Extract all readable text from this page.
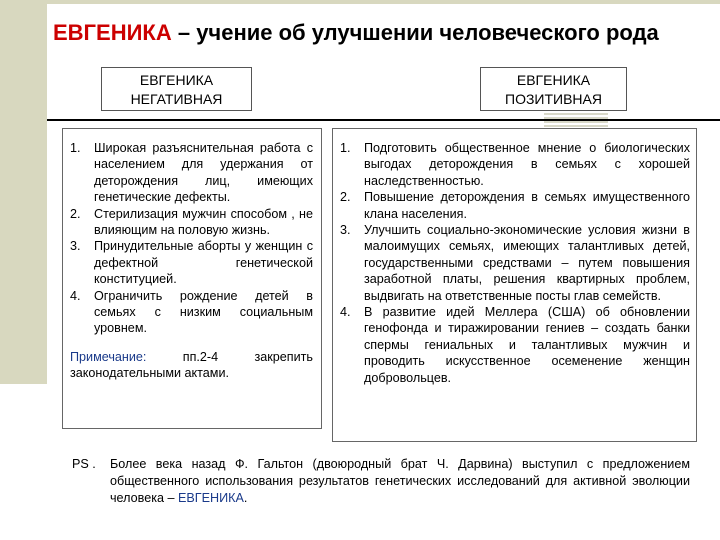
ЕВГЕНИКА – учение об улучшении человеческого рода
ЕВГЕНИКА
НЕГАТИВНАЯ
ЕВГЕНИКА
ПОЗИТИВНАЯ
1. Широкая разъяснительная работа с населением для удержания от деторождения лиц, имеющих генетические дефекты.
2. Стерилизация мужчин способом , не влияющим на половую жизнь.
3. Принудительные аборты у женщин с дефектной генетической конституцией.
4. Ограничить рождение детей в семьях с низким социальным уровнем.
Примечание: пп.2-4 закрепить законодательными актами.
1. Подготовить общественное мнение о биологических выгодах деторождения в семьях с хорошей наследственностью.
2. Повышение деторождения в семьях имущественного клана населения.
3. Улучшить социально-экономические условия жизни в малоимущих семьях, имеющих талантливых детей, государственными средствами – путем повышения заработной платы, решения квартирных проблем, выдвигать на ответственные посты глав семейств.
4. В развитие идей Меллера (США) об обновлении генофонда и тиражировании гениев – создать банки спермы гениальных и талантливых мужчин и проводить искусственное осеменение женщин добровольцев.
PS . Более века назад Ф. Гальтон (двоюродный брат Ч. Дарвина) выступил с предложением общественного использования результатов генетических исследований для активной эволюции человека – ЕВГЕНИКА.
